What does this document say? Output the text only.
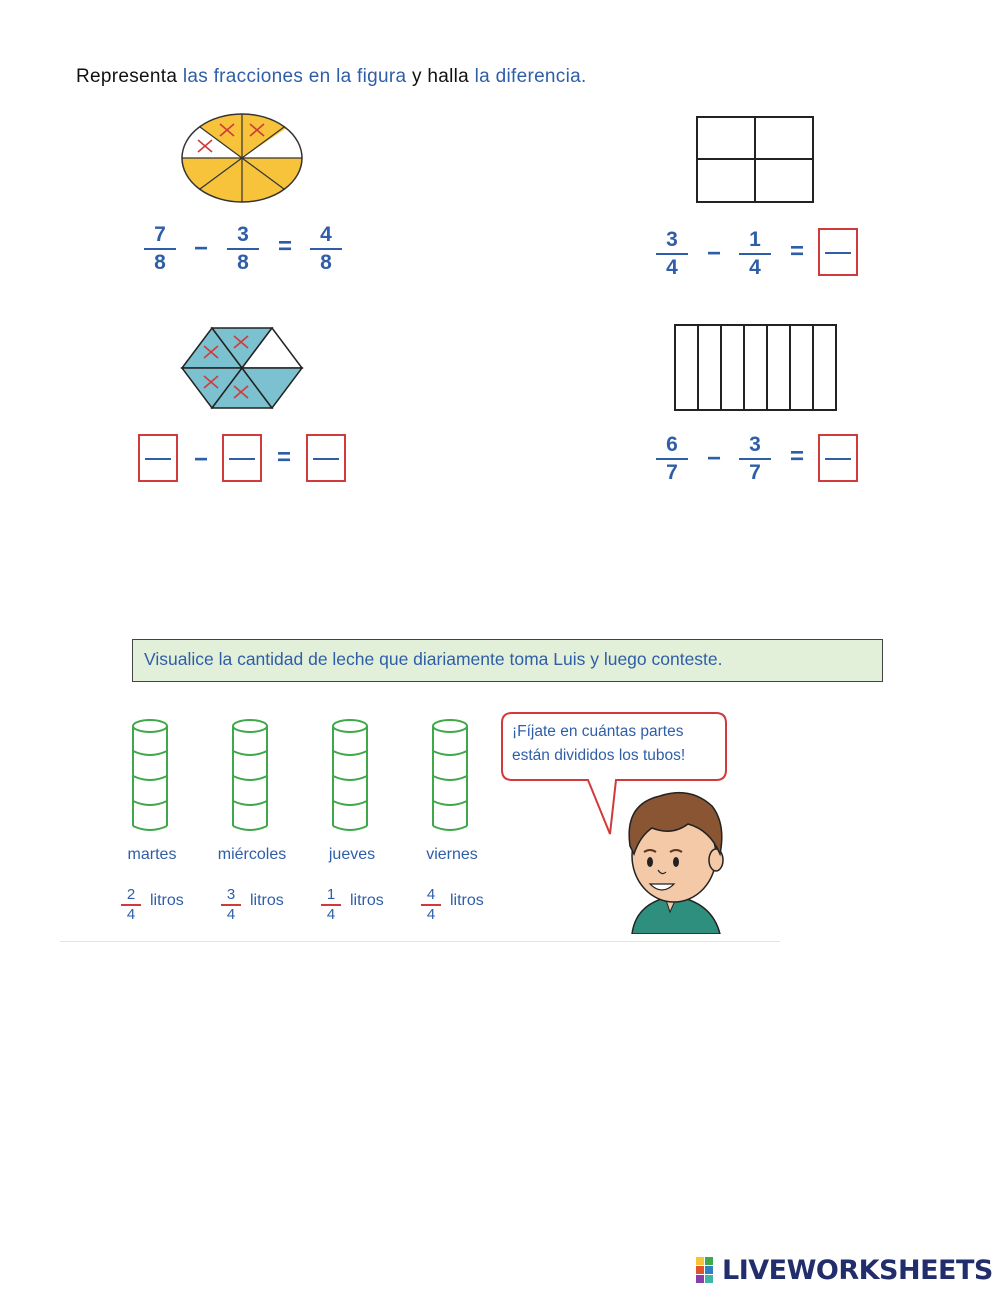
Representa las fracciones en la figura y halla la diferencia.
7
8
−
3
8
=	4
8
3
4
−
1
4
=
−	=	6
7
−
3
7
=
Visualice la cantidad de leche que diariamente toma Luis y luego conteste.
martes	miércoles	jueves	viernes
2
4
litros	3
4
litros	1
4
litros	4
4
litros
¡Fíjate en cuántas partes
están divididos los tubos!
LIVEWORKSHEETS
